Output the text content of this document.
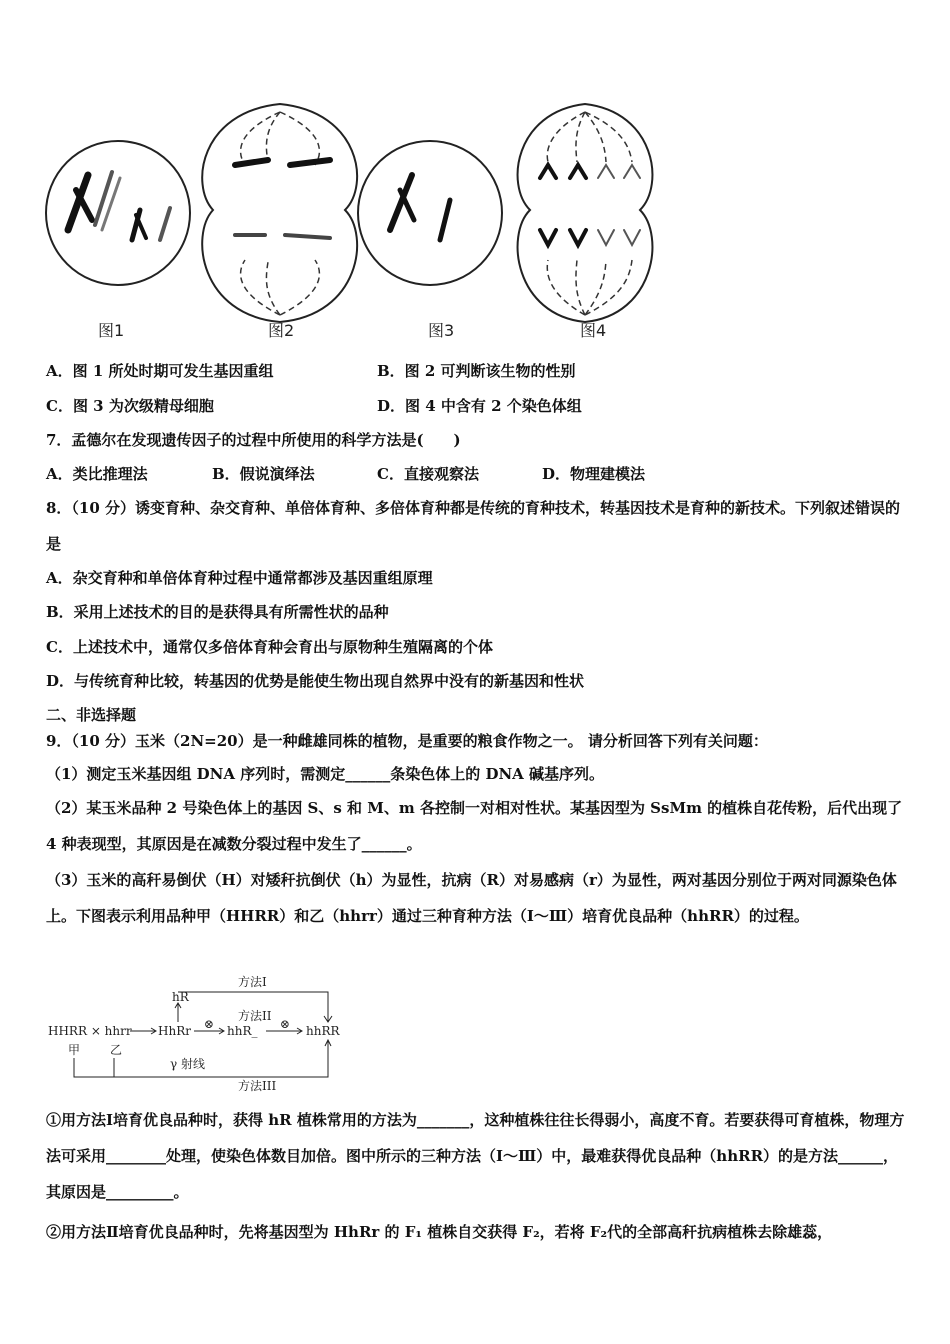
图1	图2	图3	图4
A．图 1 所处时期可发生基因重组	B．图 2 可判断该生物的性别
C．图 3 为次级精母细胞	D．图 4 中含有 2 个染色体组
7．孟德尔在发现遗传因子的过程中所使用的科学方法是(　　)
A．类比推理法	B．假说演绎法	C．直接观察法	D．物理建模法
8．（10 分）诱变育种、杂交育种、单倍体育种、多倍体育种都是传统的育种技术，转基因技术是育种的新技术。下列叙述错误的是
A．杂交育种和单倍体育种过程中通常都涉及基因重组原理
B．采用上述技术的目的是获得具有所需性状的品种
C．上述技术中，通常仅多倍体育种会育出与原物种生殖隔离的个体
D．与传统育种比较，转基因的优势是能使生物出现自然界中没有的新基因和性状
二、非选择题
9．（10 分）玉米（2N=20）是一种雌雄同株的植物，是重要的粮食作物之一。 请分析回答下列有关问题：
（1）测定玉米基因组 DNA 序列时，需测定______条染色体上的 DNA 碱基序列。
（2）某玉米品种 2 号染色体上的基因 S、s 和 M、m 各控制一对相对性状。某基因型为 SsMm 的植株自花传粉，后代出现了 4 种表现型，其原因是在减数分裂过程中发生了______。
（3）玉米的高秆易倒伏（H）对矮秆抗倒伏（h）为显性，抗病（R）对易感病（r）为显性，两对基因分别位于两对同源染色体上。下图表示利用品种甲（HHRR）和乙（hhrr）通过三种育种方法（Ⅰ～Ⅲ）培育优良品种（hhRR）的过程。
方法I
hR
方法II
HHRR × hhrr HhRr ⊗ hhR_ ⊗ hhRR
甲 乙
γ 射线
方法III
①用方法Ⅰ培育优良品种时，获得 hR 植株常用的方法为_______，这种植株往往长得弱小，高度不育。若要获得可育植株，物理方法可采用________处理，使染色体数目加倍。图中所示的三种方法（Ⅰ～Ⅲ）中，最难获得优良品种（hhRR）的是方法______，其原因是_________。
②用方法Ⅱ培育优良品种时，先将基因型为 HhRr 的 F₁ 植株自交获得 F₂，若将 F₂代的全部高秆抗病植株去除雄蕊，
